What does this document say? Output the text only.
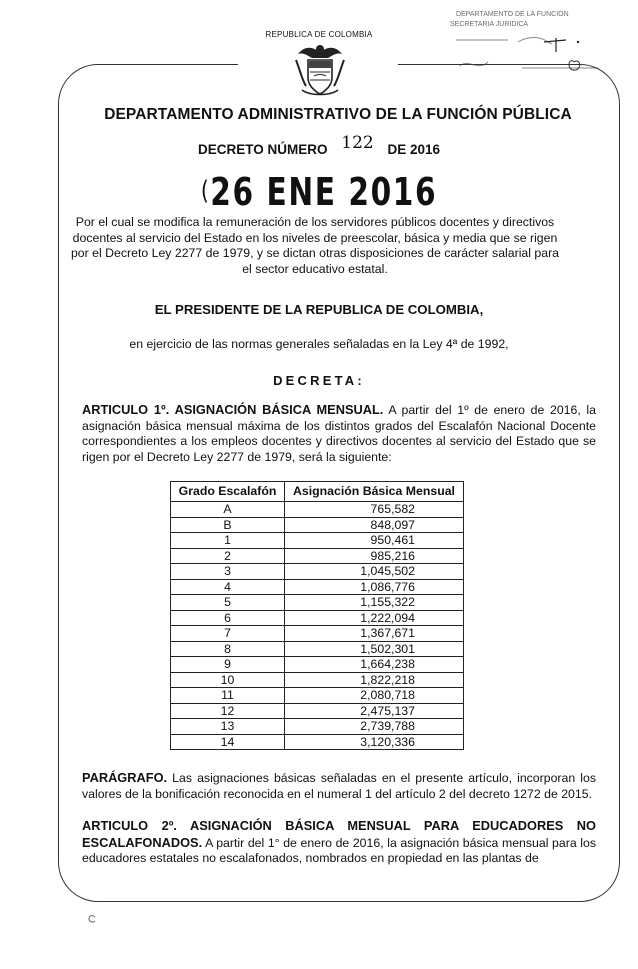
REPUBLICA DE COLOMBIA
DEPARTAMENTO DE LA FUNCION
SECRETARIA JURIDICA
DEPARTAMENTO ADMINISTRATIVO DE LA FUNCIÓN PÚBLICA
DECRETO NÚMERO 122 DE 2016
(26 ENE 2016
Por el cual se modifica la remuneración de los servidores públicos docentes y directivos docentes al servicio del Estado en los niveles de preescolar, básica y media que se rigen por el Decreto Ley 2277 de 1979, y se dictan otras disposiciones de carácter salarial para el sector educativo estatal.
EL PRESIDENTE DE LA REPUBLICA DE COLOMBIA,
en ejercicio de las normas generales señaladas en la Ley 4ª de 1992,
DECRETA:
ARTICULO 1º. ASIGNACIÓN BÁSICA MENSUAL. A partir del 1º de enero de 2016, la asignación básica mensual máxima de los distintos grados del Escalafón Nacional Docente correspondientes a los empleos docentes y directivos docentes al servicio del Estado que se rigen por el Decreto Ley 2277 de 1979, será la siguiente:
Grado Escalafón	Asignación Básica Mensual
A	765,582
B	848,097
1	950,461
2	985,216
3	1,045,502
4	1,086,776
5	1,155,322
6	1,222,094
7	1,367,671
8	1,502,301
9	1,664,238
10	1,822,218
11	2,080,718
12	2,475,137
13	2,739,788
14	3,120,336
PARÁGRAFO. Las asignaciones básicas señaladas en el presente artículo, incorporan los valores de la bonificación reconocida en el numeral 1 del artículo 2 del decreto 1272 de 2015.
ARTICULO 2º. ASIGNACIÓN BÁSICA MENSUAL PARA EDUCADORES NO
ESCALAFONADOS. A partir del 1° de enero de 2016, la asignación básica mensual para los educadores estatales no escalafonados, nombrados en propiedad en las plantas de
